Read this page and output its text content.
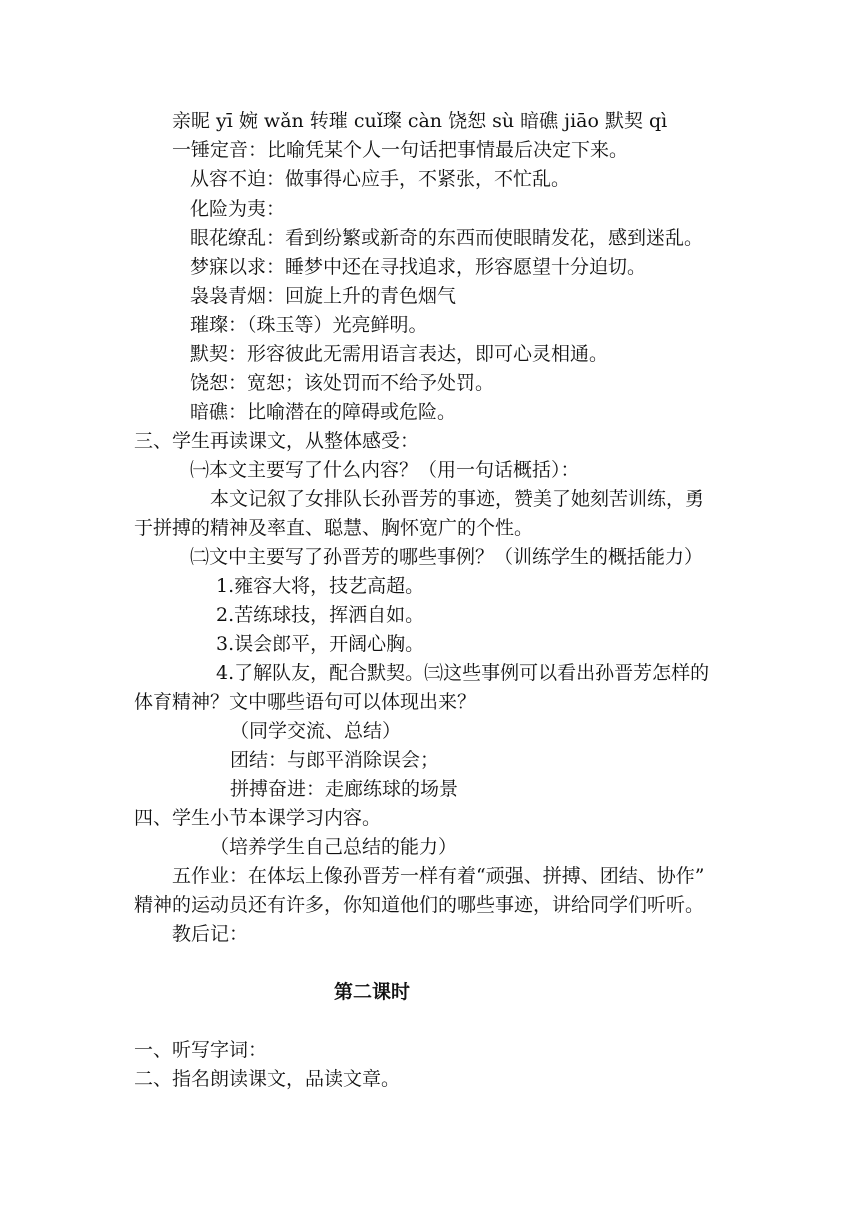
亲昵 yī 婉 wǎn 转璀 cuǐ璨 càn 饶恕 sù 暗礁 jiāo 默契 qì
一锤定音：比喻凭某个人一句话把事情最后决定下来。
从容不迫：做事得心应手，不紧张，不忙乱。
化险为夷：
眼花缭乱：看到纷繁或新奇的东西而使眼睛发花，感到迷乱。
梦寐以求：睡梦中还在寻找追求，形容愿望十分迫切。
袅袅青烟：回旋上升的青色烟气
璀璨：（珠玉等）光亮鲜明。
默契：形容彼此无需用语言表达，即可心灵相通。
饶恕：宽恕；该处罚而不给予处罚。
暗礁：比喻潜在的障碍或危险。
三、学生再读课文，从整体感受：
㈠本文主要写了什么内容？（用一句话概括）：
本文记叙了女排队长孙晋芳的事迹，赞美了她刻苦训练，勇
于拼搏的精神及率直、聪慧、胸怀宽广的个性。
㈡文中主要写了孙晋芳的哪些事例？（训练学生的概括能力）
1.雍容大将，技艺高超。
2.苦练球技，挥洒自如。
3.误会郎平，开阔心胸。
4.了解队友，配合默契。㈢这些事例可以看出孙晋芳怎样的
体育精神？文中哪些语句可以体现出来？
（同学交流、总结）
团结：与郎平消除误会；
拼搏奋进：走廊练球的场景
四、学生小节本课学习内容。
（培养学生自己总结的能力）
五作业：在体坛上像孙晋芳一样有着“顽强、拼搏、团结、协作”
精神的运动员还有许多，你知道他们的哪些事迹，讲给同学们听听。
教后记：
第二课时
一、听写字词：
二、指名朗读课文，品读文章。
